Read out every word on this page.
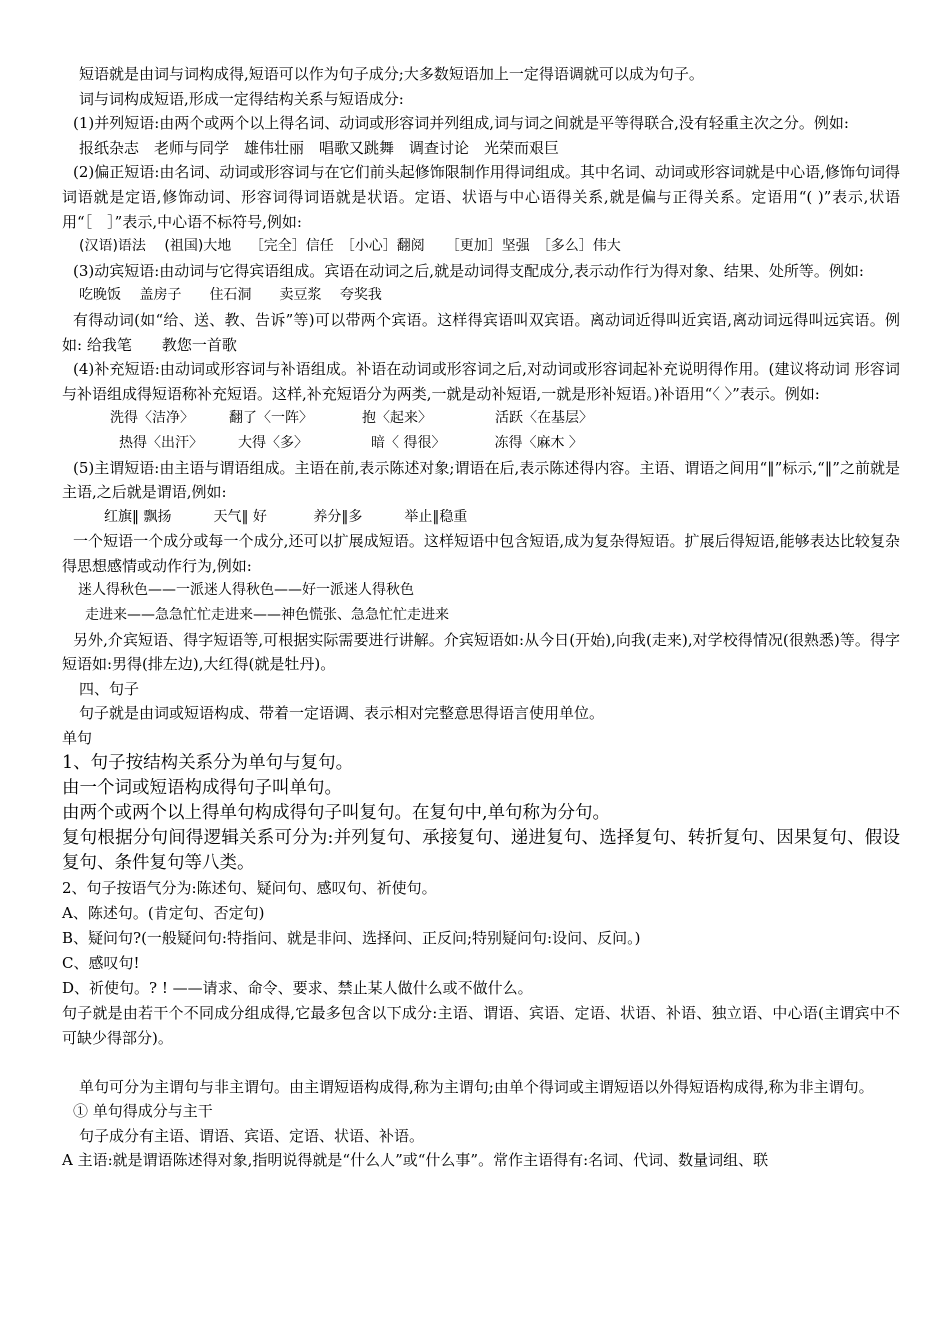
短语就是由词与词构成得,短语可以作为句子成分;大多数短语加上一定得语调就可以成为句子。

词与词构成短语,形成一定得结构关系与短语成分:

(1)并列短语:由两个或两个以上得名词、动词或形容词并列组成,词与词之间就是平等得联合,没有轻重主次之分。例如:

报纸杂志　老师与同学　雄伟壮丽　唱歌又跳舞　调查讨论　光荣而艰巨

(2)偏正短语:由名词、动词或形容词与在它们前头起修饰限制作用得词组成。其中名词、动词或形容词就是中心语,修饰句词得词语就是定语,修饰动词、形容词得词语就是状语。定语、状语与中心语得关系,就是偏与正得关系。定语用“( )”表示,状语用“［　］”表示,中心语不标符号,例如:

(汉语)语法　 (祖国)大地　 ［完全］信任　［小心］翻阅　　［更加］坚强　［多么］伟大

(3)动宾短语:由动词与它得宾语组成。宾语在动词之后,就是动词得支配成分,表示动作行为得对象、结果、处所等。例如:

吃晚饭　 盖房子　　住石洞　　卖豆浆　 夸奖我

有得动词(如“给、送、教、告诉”等)可以带两个宾语。这样得宾语叫双宾语。离动词近得叫近宾语,离动词远得叫远宾语。例如: 给我笔　　教您一首歌

(4)补充短语:由动词或形容词与补语组成。补语在动词或形容词之后,对动词或形容词起补充说明得作用。(建议将动词 形容词与补语组成得短语称补充短语。这样,补充短语分为两类,一就是动补短语,一就是形补短语。)补语用“〈 〉”表示。例如:

洗得〈洁净〉　　　翻了〈一阵〉　　　　抱〈起来〉　　　　　活跃〈在基层〉

热得〈出汗〉　　　大得〈多〉　　　　　暗〈 得很〉　　　　冻得〈麻木 〉

(5)主谓短语:由主语与谓语组成。主语在前,表示陈述对象;谓语在后,表示陈述得内容。主语、谓语之间用“‖”标示,“‖”之前就是主语,之后就是谓语,例如:

红旗‖ 飘扬　　　天气‖ 好　　　 养分‖多　　　举止‖稳重

一个短语一个成分或每一个成分,还可以扩展成短语。这样短语中包含短语,成为复杂得短语。扩展后得短语,能够表达比较复杂得思想感情或动作行为,例如:

迷人得秋色——一派迷人得秋色——好一派迷人得秋色

走进来——急急忙忙走进来——神色慌张、急急忙忙走进来

另外,介宾短语、得字短语等,可根据实际需要进行讲解。介宾短语如:从今日(开始),向我(走来),对学校得情况(很熟悉)等。得字短语如:男得(排左边),大红得(就是牡丹)。

四、句子

句子就是由词或短语构成、带着一定语调、表示相对完整意思得语言使用单位。

单句

1、句子按结构关系分为单句与复句。

由一个词或短语构成得句子叫单句。

由两个或两个以上得单句构成得句子叫复句。在复句中,单句称为分句。

复句根据分句间得逻辑关系可分为:并列复句、承接复句、递进复句、选择复句、转折复句、因果复句、假设复句、条件复句等八类。

2、句子按语气分为:陈述句、疑问句、感叹句、祈使句。

A、陈述句。(肯定句、否定句)

B、疑问句?(一般疑问句:特指问、就是非问、选择问、正反问;特别疑问句:设问、反问。)

C、感叹句!

D、祈使句。? ! ——请求、命令、要求、禁止某人做什么或不做什么。

句子就是由若干个不同成分组成得,它最多包含以下成分:主语、谓语、宾语、定语、状语、补语、独立语、中心语(主谓宾中不可缺少得部分)。

单句可分为主谓句与非主谓句。由主谓短语构成得,称为主谓句;由单个得词或主谓短语以外得短语构成得,称为非主谓句。

① 单句得成分与主干

句子成分有主语、谓语、宾语、定语、状语、补语。

A 主语:就是谓语陈述得对象,指明说得就是“什么人”或“什么事”。常作主语得有:名词、代词、数量词组、联
